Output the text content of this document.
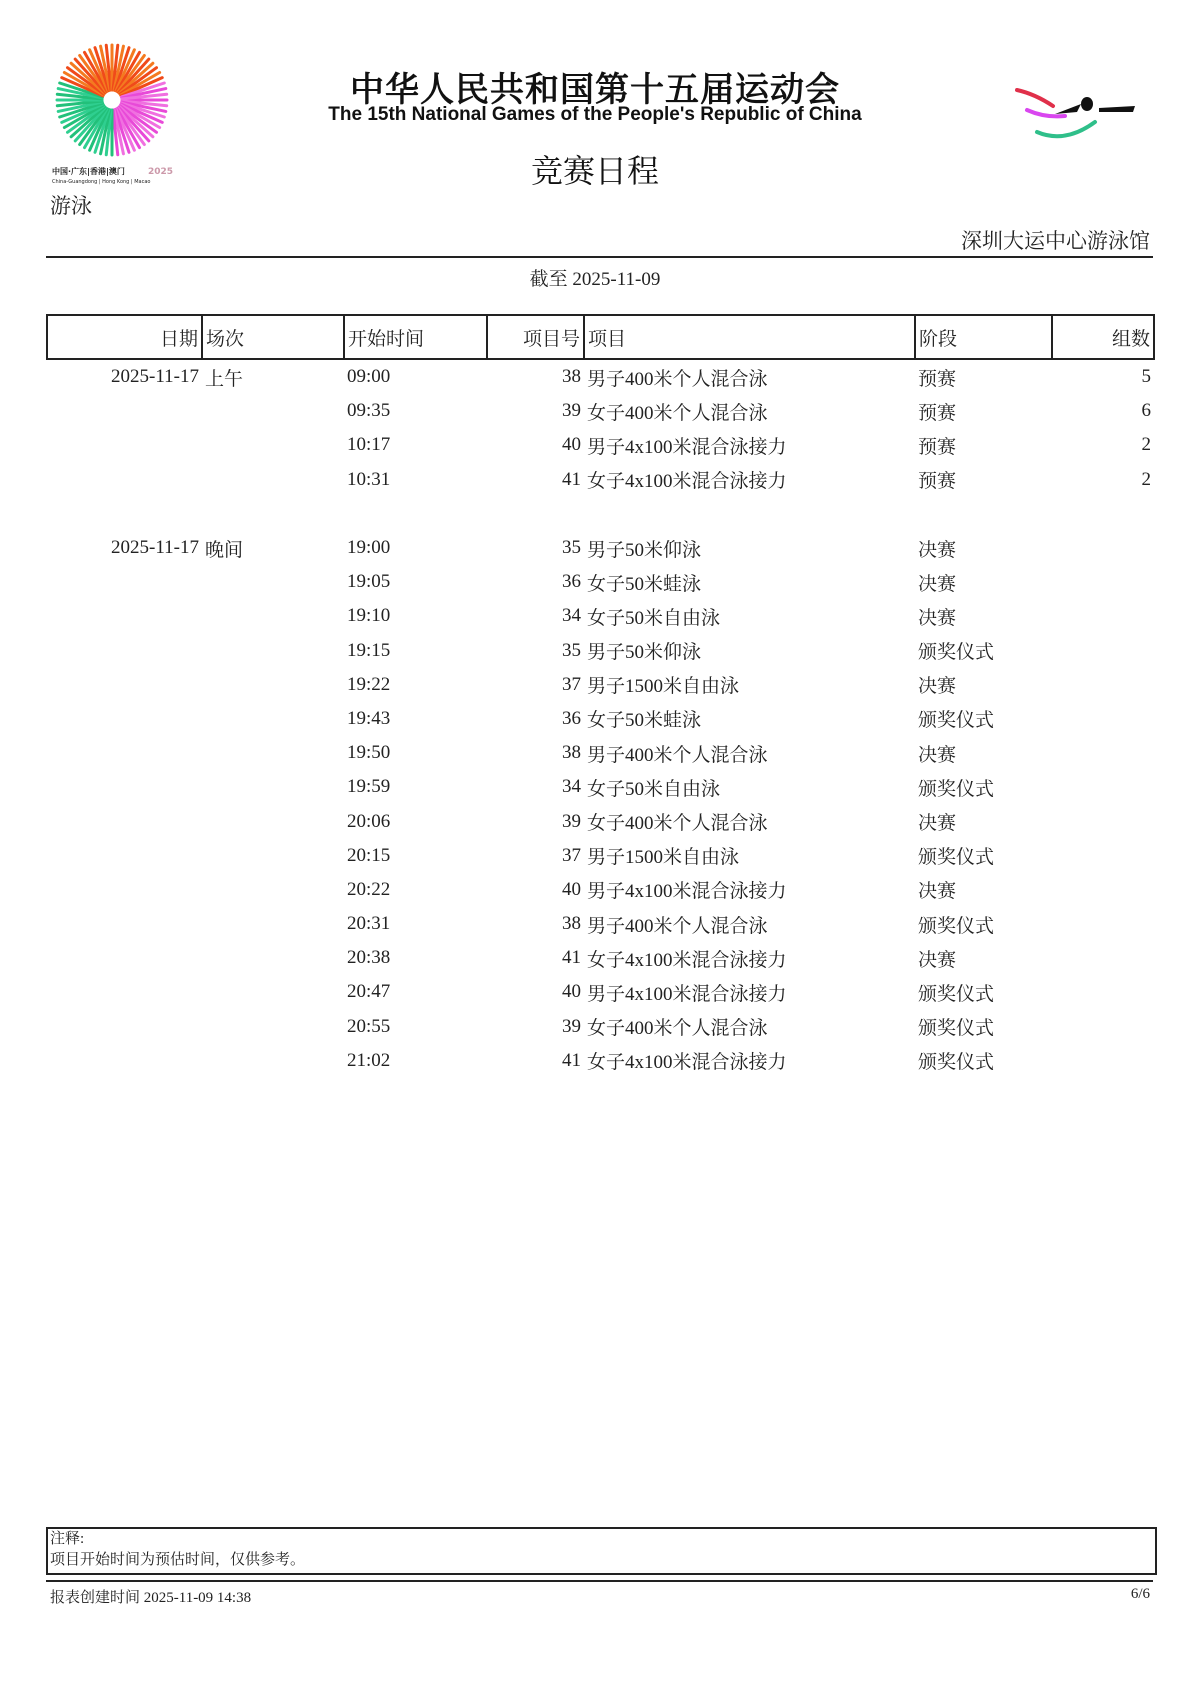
中国·广东|香港|澳门	2025
China-Guangdong | Hong Kong | Macao
中华人民共和国第十五届运动会
The 15th National Games of the People's Republic of China
竞赛日程
游泳
深圳大运中心游泳馆
截至 2025-11-09
日期	场次	开始时间	项目号	项目	阶段	组数
2025-11-17	上午	09:00	38	男子400米个人混合泳	预赛	5
		09:35	39	女子400米个人混合泳	预赛	6
		10:17	40	男子4x100米混合泳接力	预赛	2
		10:31	41	女子4x100米混合泳接力	预赛	2

2025-11-17	晚间	19:00	35	男子50米仰泳	决赛	
		19:05	36	女子50米蛙泳	决赛	
		19:10	34	女子50米自由泳	决赛	
		19:15	35	男子50米仰泳	颁奖仪式	
		19:22	37	男子1500米自由泳	决赛	
		19:43	36	女子50米蛙泳	颁奖仪式	
		19:50	38	男子400米个人混合泳	决赛	
		19:59	34	女子50米自由泳	颁奖仪式	
		20:06	39	女子400米个人混合泳	决赛	
		20:15	37	男子1500米自由泳	颁奖仪式	
		20:22	40	男子4x100米混合泳接力	决赛	
		20:31	38	男子400米个人混合泳	颁奖仪式	
		20:38	41	女子4x100米混合泳接力	决赛	
		20:47	40	男子4x100米混合泳接力	颁奖仪式	
		20:55	39	女子400米个人混合泳	颁奖仪式	
		21:02	41	女子4x100米混合泳接力	颁奖仪式	
注释:
项目开始时间为预估时间，仅供参考。
报表创建时间 2025-11-09 14:38	6/6
